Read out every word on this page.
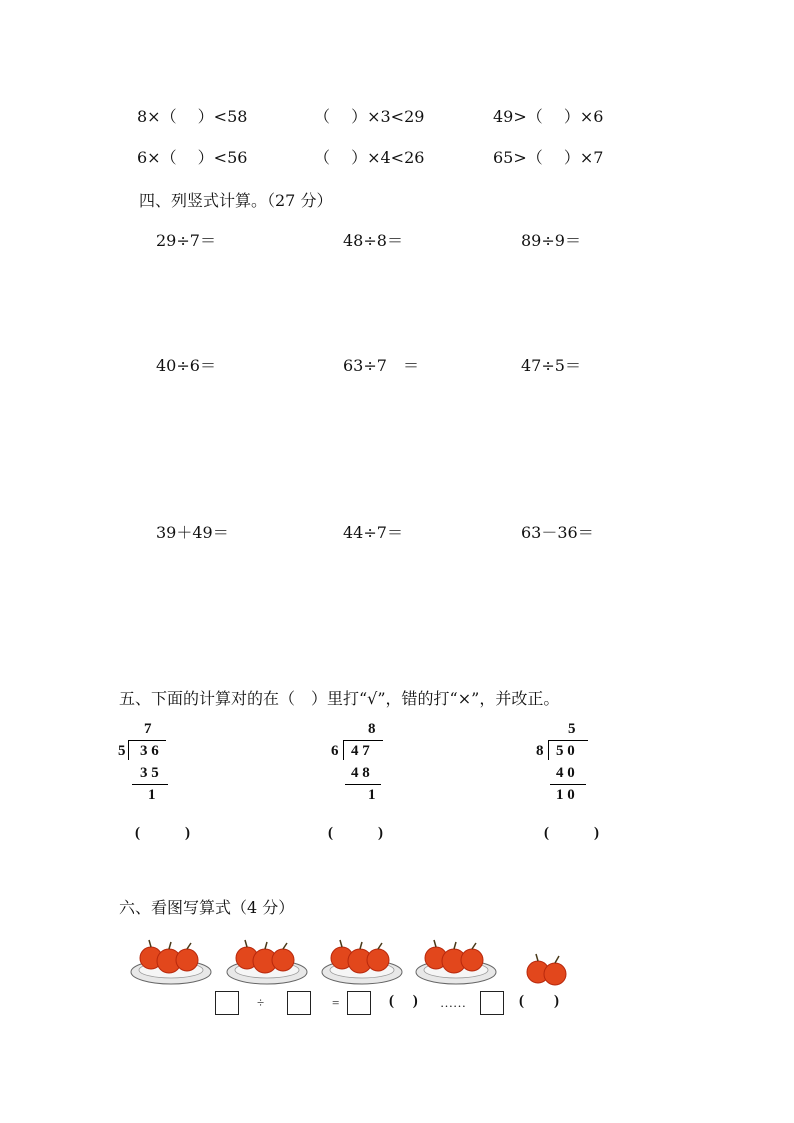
8×（　 ）<58	（　 ）×3<29	49>（　 ）×6
6×（　 ）<56	（　 ）×4<26	65>（　 ）×7
四、列竖式计算。（27 分）
29÷7＝	48÷8＝	89÷9＝
40÷6＝	63÷7　＝	47÷5＝
39＋49＝	44÷7＝	63－36＝
五、下面的计算对的在（　）里打“√”，错的打“×”，并改正。
7
5 3 6
3 5
1
8
6 4 7
4 8
1
5
8 5 0
4 0
1 0
(　　　)	(　　　)	(　　　)
六、看图写算式（4 分）
÷	=	(　 ) ……	(　　)
